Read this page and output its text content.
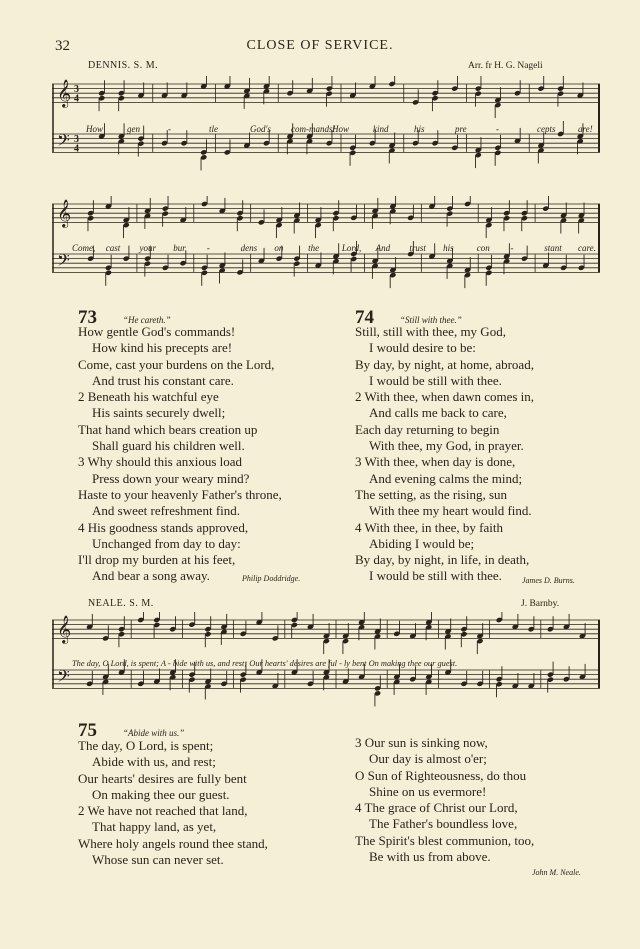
32	CLOSE OF SERVICE.
DENNIS. S. M.	Arr. fr H. G. Nageli
𝄞
𝄢
3
4
3
4
How	gen	-	tle	God's com-mands!
How	kind	his	pre	-	cepts	are!
𝄞
𝄢
Come, cast your bur -	dens on	the	Lord, And trust his	con -	stant care.
73	“He careth.”
How gentle God's commands!
How kind his precepts are!
Come, cast your burdens on the Lord,
And trust his constant care.
2 Beneath his watchful eye
His saints securely dwell;
That hand which bears creation up
Shall guard his children well.
3 Why should this anxious load
Press down your weary mind?
Haste to your heavenly Father's throne,
And sweet refreshment find.
4 His goodness stands approved,
Unchanged from day to day:
I'll drop my burden at his feet,
And bear a song away.	Philip Doddridge.
74	“Still with thee.”
Still, still with thee, my God,
I would desire to be:
By day, by night, at home, abroad,
I would be still with thee.
2 With thee, when dawn comes in,
And calls me back to care,
Each day returning to begin
With thee, my God, in prayer.
3 With thee, when day is done,
And evening calms the mind;
The setting, as the rising, sun
With thee my heart would find.
4 With thee, in thee, by faith
Abiding I would be;
By day, by night, in life, in death,
I would be still with thee.	James D. Burns.
NEALE. S. M.	J. Barnby.
𝄞
𝄢
The day, O Lord, is spent; A - bide with us, and rest; Our hearts' desires are ful - ly bent On making thee our guest.
75	“Abide with us.”
The day, O Lord, is spent;
Abide with us, and rest;
Our hearts' desires are fully bent
On making thee our guest.
2 We have not reached that land,
That happy land, as yet,
Where holy angels round thee stand,
Whose sun can never set.
3 Our sun is sinking now,
Our day is almost o'er;
O Sun of Righteousness, do thou
Shine on us evermore!
4 The grace of Christ our Lord,
The Father's boundless love,
The Spirit's blest communion, too,
Be with us from above.
John M. Neale.
